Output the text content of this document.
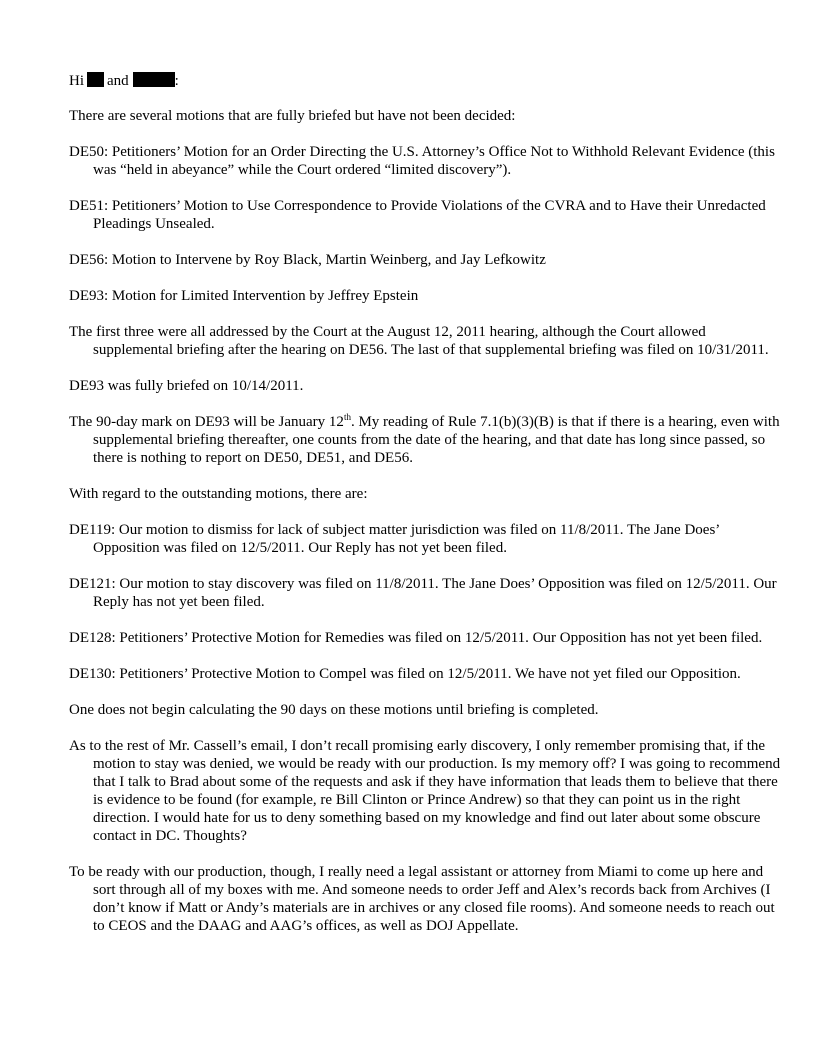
Hi and	:

There are several motions that are fully briefed but have not been decided:

DE50: Petitioners’ Motion for an Order Directing the U.S. Attorney’s Office Not to Withhold Relevant Evidence (this was “held in abeyance” while the Court ordered “limited discovery”).

DE51: Petitioners’ Motion to Use Correspondence to Provide Violations of the CVRA and to Have their Unredacted Pleadings Unsealed.

DE56: Motion to Intervene by Roy Black, Martin Weinberg, and Jay Lefkowitz

DE93: Motion for Limited Intervention by Jeffrey Epstein

The first three were all addressed by the Court at the August 12, 2011 hearing, although the Court allowed supplemental briefing after the hearing on DE56. The last of that supplemental briefing was filed on 10/31/2011.

DE93 was fully briefed on 10/14/2011.

The 90-day mark on DE93 will be January 12th. My reading of Rule 7.1(b)(3)(B) is that if there is a hearing, even with supplemental briefing thereafter, one counts from the date of the hearing, and that date has long since passed, so there is nothing to report on DE50, DE51, and DE56.

With regard to the outstanding motions, there are:

DE119: Our motion to dismiss for lack of subject matter jurisdiction was filed on 11/8/2011. The Jane Does’ Opposition was filed on 12/5/2011. Our Reply has not yet been filed.

DE121: Our motion to stay discovery was filed on 11/8/2011. The Jane Does’ Opposition was filed on 12/5/2011. Our Reply has not yet been filed.

DE128: Petitioners’ Protective Motion for Remedies was filed on 12/5/2011. Our Opposition has not yet been filed.

DE130: Petitioners’ Protective Motion to Compel was filed on 12/5/2011. We have not yet filed our Opposition.

One does not begin calculating the 90 days on these motions until briefing is completed.

As to the rest of Mr. Cassell’s email, I don’t recall promising early discovery, I only remember promising that, if the motion to stay was denied, we would be ready with our production. Is my memory off? I was going to recommend that I talk to Brad about some of the requests and ask if they have information that leads them to believe that there is evidence to be found (for example, re Bill Clinton or Prince Andrew) so that they can point us in the right direction. I would hate for us to deny something based on my knowledge and find out later about some obscure contact in DC. Thoughts?

To be ready with our production, though, I really need a legal assistant or attorney from Miami to come up here and sort through all of my boxes with me. And someone needs to order Jeff and Alex’s records back from Archives (I don’t know if Matt or Andy’s materials are in archives or any closed file rooms). And someone needs to reach out to CEOS and the DAAG and AAG’s offices, as well as DOJ Appellate.
